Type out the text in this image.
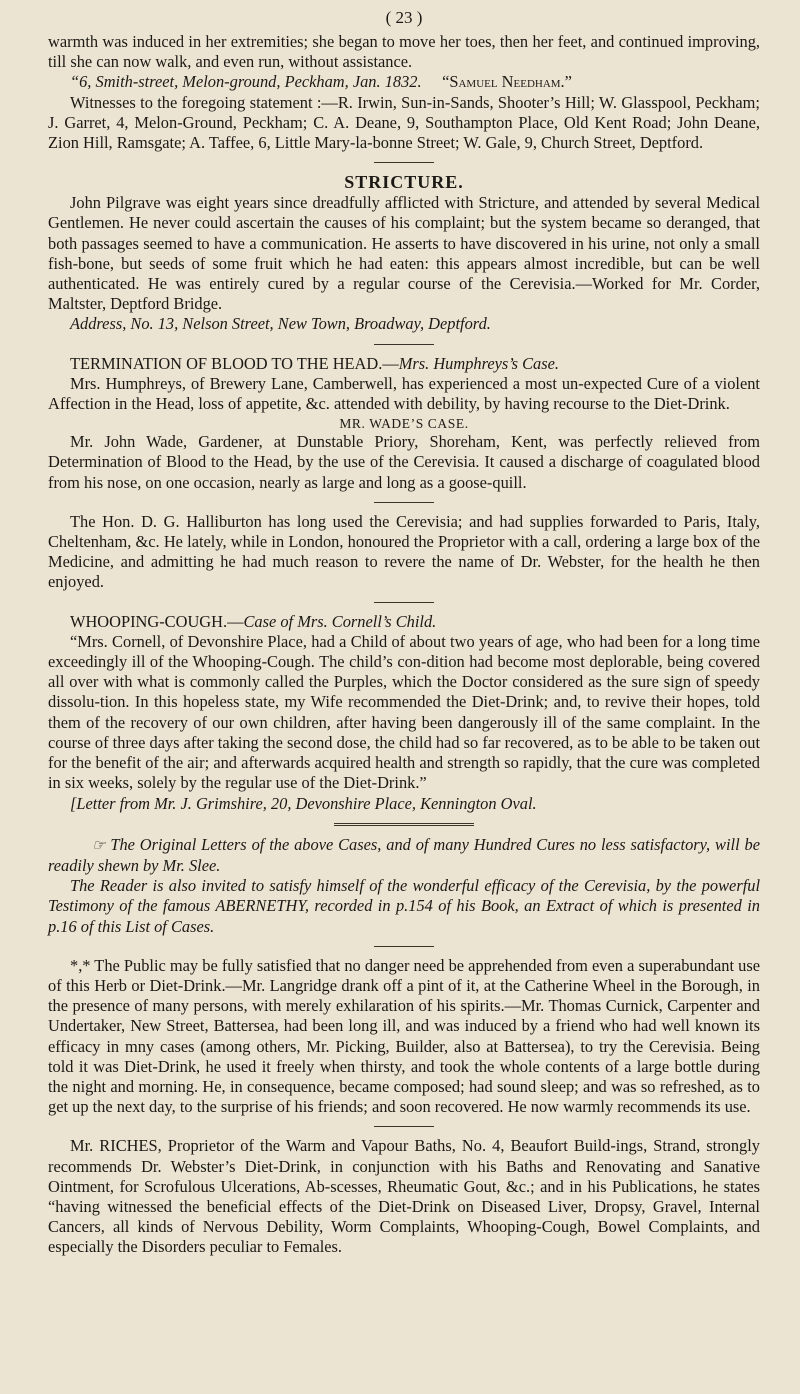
( 23 )

warmth was induced in her extremities; she began to move her toes, then her feet, and continued improving, till she can now walk, and even run, without assistance.

“6, Smith-street, Melon-ground, Peckham, Jan. 1832. “Samuel Needham.”

Witnesses to the foregoing statement :—R. Irwin, Sun-in-Sands, Shooter’s Hill; W. Glasspool, Peckham; J. Garret, 4, Melon-Ground, Peckham; C. A. Deane, 9, Southampton Place, Old Kent Road; John Deane, Zion Hill, Ramsgate; A. Taffee, 6, Little Mary-la-bonne Street; W. Gale, 9, Church Street, Deptford.

STRICTURE.

John Pilgrave was eight years since dreadfully afflicted with Stricture, and attended by several Medical Gentlemen. He never could ascertain the causes of his complaint; but the system became so deranged, that both passages seemed to have a communication. He asserts to have discovered in his urine, not only a small fish-bone, but seeds of some fruit which he had eaten: this appears almost incredible, but can be well authenticated. He was entirely cured by a regular course of the Cerevisia.—Worked for Mr. Corder, Maltster, Deptford Bridge.

Address, No. 13, Nelson Street, New Town, Broadway, Deptford.

TERMINATION OF BLOOD TO THE HEAD.—Mrs. Humphreys’s Case.

Mrs. Humphreys, of Brewery Lane, Camberwell, has experienced a most un-expected Cure of a violent Affection in the Head, loss of appetite, &c. attended with debility, by having recourse to the Diet-Drink.

MR. WADE’S CASE.

Mr. John Wade, Gardener, at Dunstable Priory, Shoreham, Kent, was perfectly relieved from Determination of Blood to the Head, by the use of the Cerevisia. It caused a discharge of coagulated blood from his nose, on one occasion, nearly as large and long as a goose-quill.

The Hon. D. G. Halliburton has long used the Cerevisia; and had supplies forwarded to Paris, Italy, Cheltenham, &c. He lately, while in London, honoured the Proprietor with a call, ordering a large box of the Medicine, and admitting he had much reason to revere the name of Dr. Webster, for the health he then enjoyed.

WHOOPING-COUGH.—Case of Mrs. Cornell’s Child.

“Mrs. Cornell, of Devonshire Place, had a Child of about two years of age, who had been for a long time exceedingly ill of the Whooping-Cough. The child’s con-dition had become most deplorable, being covered all over with what is commonly called the Purples, which the Doctor considered as the sure sign of speedy dissolu-tion. In this hopeless state, my Wife recommended the Diet-Drink; and, to revive their hopes, told them of the recovery of our own children, after having been dangerously ill of the same complaint. In the course of three days after taking the second dose, the child had so far recovered, as to be able to be taken out for the benefit of the air; and afterwards acquired health and strength so rapidly, that the cure was completed in six weeks, solely by the regular use of the Diet-Drink.”

[Letter from Mr. J. Grimshire, 20, Devonshire Place, Kennington Oval.

☞ The Original Letters of the above Cases, and of many Hundred Cures no less satisfactory, will be readily shewn by Mr. Slee.

The Reader is also invited to satisfy himself of the wonderful efficacy of the Cerevisia, by the powerful Testimony of the famous ABERNETHY, recorded in p.154 of his Book, an Extract of which is presented in p.16 of this List of Cases.

*,* The Public may be fully satisfied that no danger need be apprehended from even a superabundant use of this Herb or Diet-Drink.—Mr. Langridge drank off a pint of it, at the Catherine Wheel in the Borough, in the presence of many persons, with merely exhilaration of his spirits.—Mr. Thomas Curnick, Carpenter and Undertaker, New Street, Battersea, had been long ill, and was induced by a friend who had well known its efficacy in mny cases (among others, Mr. Picking, Builder, also at Battersea), to try the Cerevisia. Being told it was Diet-Drink, he used it freely when thirsty, and took the whole contents of a large bottle during the night and morning. He, in consequence, became composed; had sound sleep; and was so refreshed, as to get up the next day, to the surprise of his friends; and soon recovered. He now warmly recommends its use.

Mr. RICHES, Proprietor of the Warm and Vapour Baths, No. 4, Beaufort Build-ings, Strand, strongly recommends Dr. Webster’s Diet-Drink, in conjunction with his Baths and Renovating and Sanative Ointment, for Scrofulous Ulcerations, Ab-scesses, Rheumatic Gout, &c.; and in his Publications, he states “having witnessed the beneficial effects of the Diet-Drink on Diseased Liver, Dropsy, Gravel, Internal Cancers, all kinds of Nervous Debility, Worm Complaints, Whooping-Cough, Bowel Complaints, and especially the Disorders peculiar to Females.
